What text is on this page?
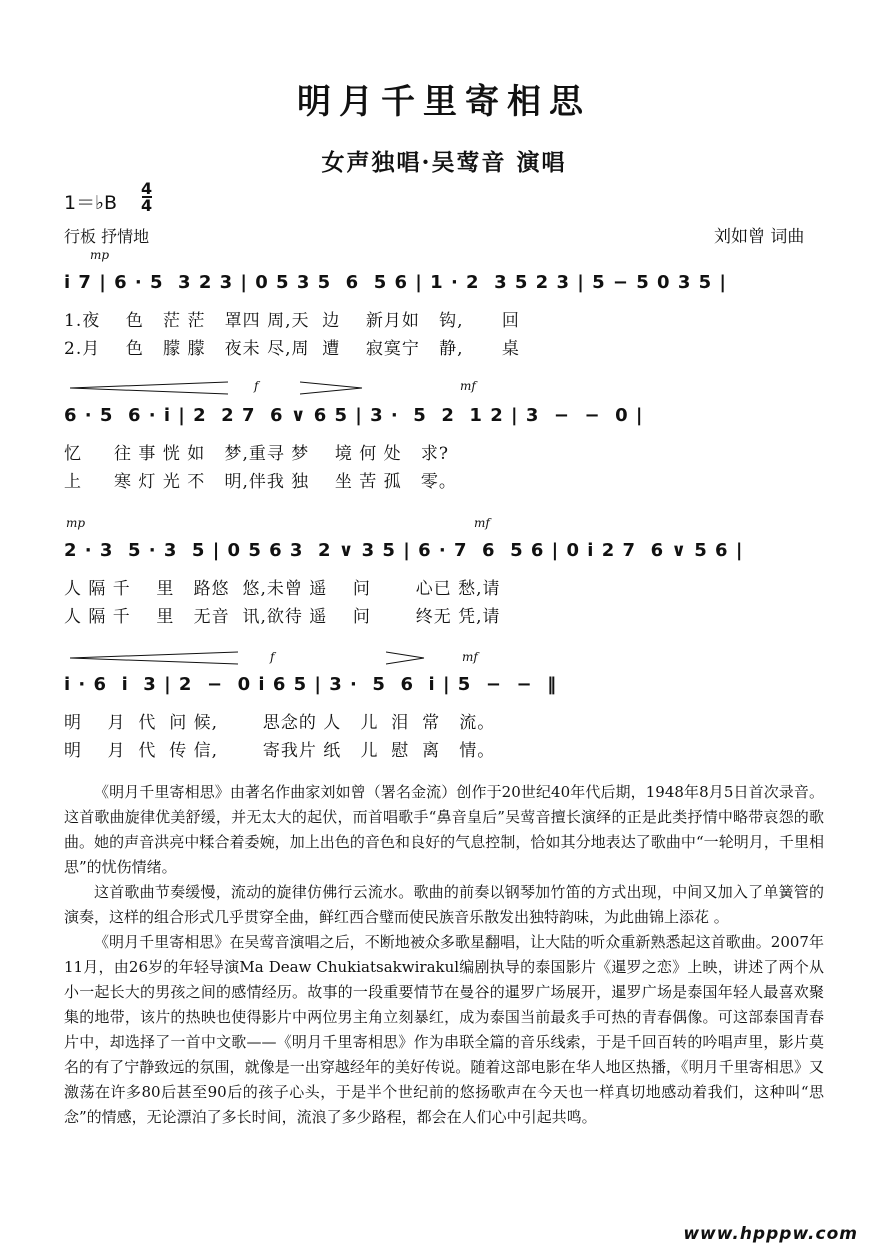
明月千里寄相思
女声独唱·吴莺音 演唱
1＝♭B
4
4
行板 抒情地	刘如曾 词曲
mp
i 7 | 6 · 5  3 2 3 | 0 5 3 5  6  5 6 | 1 · 2  3 5 2 3 | 5 − 5 0 3 5 |
1.夜    色   茫 茫   罩四 周,天  边    新月如   钩,      回
2.月    色   朦 朦   夜未 尽,周  遭    寂寞宁   静,      桌
f	mf
6 · 5  6 · i | 2  2 7  6 ∨ 6 5 | 3 ·  5  2  1 2 | 3  −  −  0 |
忆     往 事 恍 如   梦,重寻 梦    境 何 处   求?
上     寒 灯 光 不   明,伴我 独    坐 苦 孤   零。
mp	mf
2 · 3  5 · 3  5 | 0 5 6 3  2 ∨ 3 5 | 6 · 7  6  5 6 | 0 i 2 7  6 ∨ 5 6 |
人 隔 千    里   路悠  悠,未曾 遥    问       心已 愁,请
人 隔 千    里   无音  讯,欲待 遥    问       终无 凭,请
f	mf
i · 6  i  3 | 2  −  0 i 6 5 | 3 ·  5  6  i | 5  −  −  ‖
明    月  代  问 候,       思念的 人   儿  泪  常   流。
明    月  代  传 信,       寄我片 纸   儿  慰  离   情。

《明月千里寄相思》由著名作曲家刘如曾（署名金流）创作于20世纪40年代后期，1948年8月5日首次录音。这首歌曲旋律优美舒缓，并无太大的起伏，而首唱歌手“鼻音皇后”吴莺音擅长演绎的正是此类抒情中略带哀怨的歌曲。她的声音洪亮中糅合着委婉，加上出色的音色和良好的气息控制，恰如其分地表达了歌曲中“一轮明月，千里相思”的忧伤情绪。

这首歌曲节奏缓慢，流动的旋律仿佛行云流水。歌曲的前奏以钢琴加竹笛的方式出现，中间又加入了单簧管的演奏，这样的组合形式几乎贯穿全曲，鲜红西合璧而使民族音乐散发出独特韵味，为此曲锦上添花 。

《明月千里寄相思》在吴莺音演唱之后，不断地被众多歌星翻唱，让大陆的听众重新熟悉起这首歌曲。2007年11月，由26岁的年轻导演Ma Deaw Chukiatsakwirakul编剧执导的泰国影片《暹罗之恋》上映，讲述了两个从小一起长大的男孩之间的感情经历。故事的一段重要情节在曼谷的暹罗广场展开，暹罗广场是泰国年轻人最喜欢聚集的地带，该片的热映也使得影片中两位男主角立刻暴红，成为泰国当前最炙手可热的青春偶像。可这部泰国青春片中，却选择了一首中文歌——《明月千里寄相思》作为串联全篇的音乐线索，于是千回百转的吟唱声里，影片莫名的有了宁静致远的氛围，就像是一出穿越经年的美好传说。随着这部电影在华人地区热播，《明月千里寄相思》又激荡在许多80后甚至90后的孩子心头，于是半个世纪前的悠扬歌声在今天也一样真切地感动着我们，这种叫“思念”的情感，无论漂泊了多长时间，流浪了多少路程，都会在人们心中引起共鸣。

www.hpppw.com
